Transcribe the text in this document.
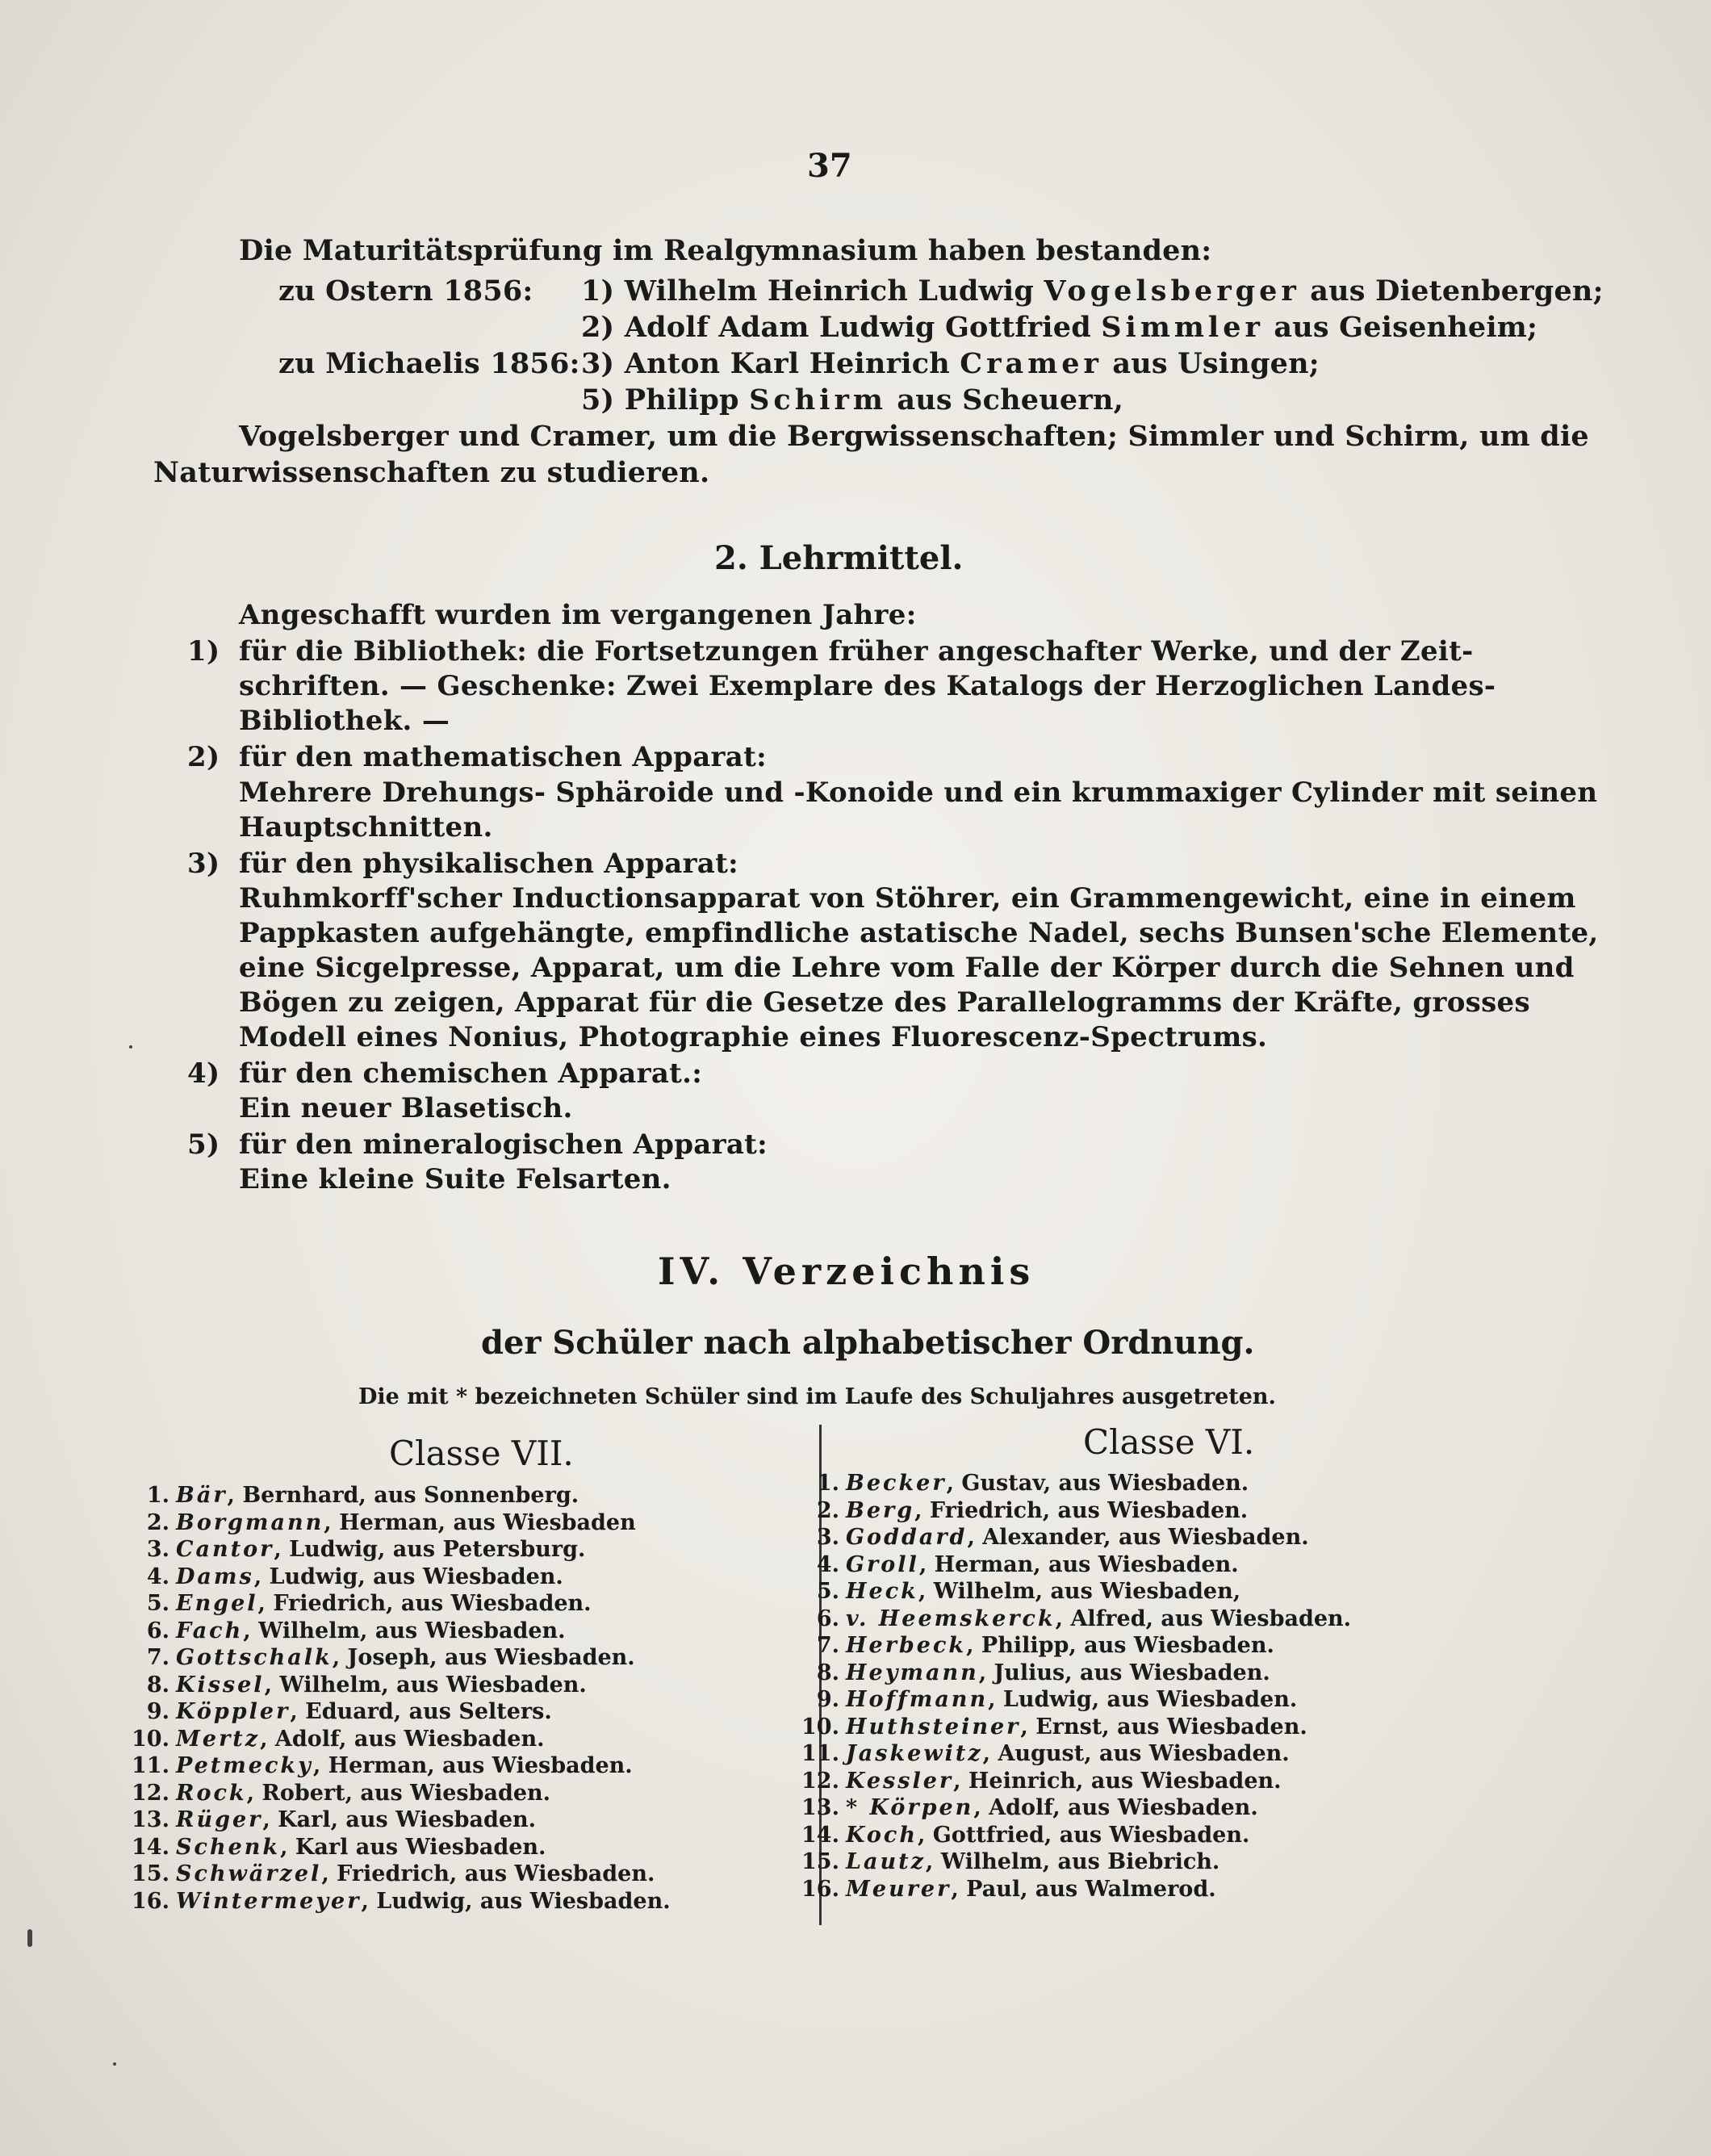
37
Die Maturitätsprüfung im Realgymnasium haben bestanden:
zu Ostern 1856:
zu Michaelis 1856:
1) Wilhelm Heinrich Ludwig Vogelsberger aus Dietenbergen;
2) Adolf Adam Ludwig Gottfried Simmler aus Geisenheim;
3) Anton Karl Heinrich Cramer aus Usingen;
5) Philipp Schirm aus Scheuern,
Vogelsberger und Cramer, um die Bergwissenschaften; Simmler und Schirm, um die
Naturwissenschaften zu studieren.
2. Lehrmittel.
Angeschafft wurden im vergangenen Jahre:
1) für die Bibliothek: die Fortsetzungen früher angeschafter Werke, und der Zeit-
schriften. — Geschenke: Zwei Exemplare des Katalogs der Herzoglichen Landes-
Bibliothek. —
2) für den mathematischen Apparat:
Mehrere Drehungs- Sphäroide und -Konoide und ein krummaxiger Cylinder mit seinen
Hauptschnitten.
3) für den physikalischen Apparat:
Ruhmkorff'scher Inductionsapparat von Stöhrer, ein Grammengewicht, eine in einem
Pappkasten aufgehängte, empfindliche astatische Nadel, sechs Bunsen'sche Elemente,
eine Sicgelpresse, Apparat, um die Lehre vom Falle der Körper durch die Sehnen und
Bögen zu zeigen, Apparat für die Gesetze des Parallelogramms der Kräfte, grosses
Modell eines Nonius, Photographie eines Fluorescenz-Spectrums.
4) für den chemischen Apparat.:
Ein neuer Blasetisch.
5) für den mineralogischen Apparat:
Eine kleine Suite Felsarten.
IV. Verzeichnis
der Schüler nach alphabetischer Ordnung.
Die mit * bezeichneten Schüler sind im Laufe des Schuljahres ausgetreten.
Classe VII.	Classe VI.
1. Bär, Bernhard, aus Sonnenberg.
2. Borgmann, Herman, aus Wiesbaden
3. Cantor, Ludwig, aus Petersburg.
4. Dams, Ludwig, aus Wiesbaden.
5. Engel, Friedrich, aus Wiesbaden.
6. Fach, Wilhelm, aus Wiesbaden.
7. Gottschalk, Joseph, aus Wiesbaden.
8. Kissel, Wilhelm, aus Wiesbaden.
9. Köppler, Eduard, aus Selters.
10. Mertz, Adolf, aus Wiesbaden.
11. Petmecky, Herman, aus Wiesbaden.
12. Rock, Robert, aus Wiesbaden.
13. Rüger, Karl, aus Wiesbaden.
14. Schenk, Karl aus Wiesbaden.
15. Schwärzel, Friedrich, aus Wiesbaden.
16. Wintermeyer, Ludwig, aus Wiesbaden.
1. Becker, Gustav, aus Wiesbaden.
2. Berg, Friedrich, aus Wiesbaden.
3. Goddard, Alexander, aus Wiesbaden.
4. Groll, Herman, aus Wiesbaden.
5. Heck, Wilhelm, aus Wiesbaden,
6. v. Heemskerck, Alfred, aus Wiesbaden.
7. Herbeck, Philipp, aus Wiesbaden.
8. Heymann, Julius, aus Wiesbaden.
9. Hoffmann, Ludwig, aus Wiesbaden.
10. Huthsteiner, Ernst, aus Wiesbaden.
11. Jaskewitz, August, aus Wiesbaden.
12. Kessler, Heinrich, aus Wiesbaden.
13. * Körpen, Adolf, aus Wiesbaden.
14. Koch, Gottfried, aus Wiesbaden.
15. Lautz, Wilhelm, aus Biebrich.
16. Meurer, Paul, aus Walmerod.
